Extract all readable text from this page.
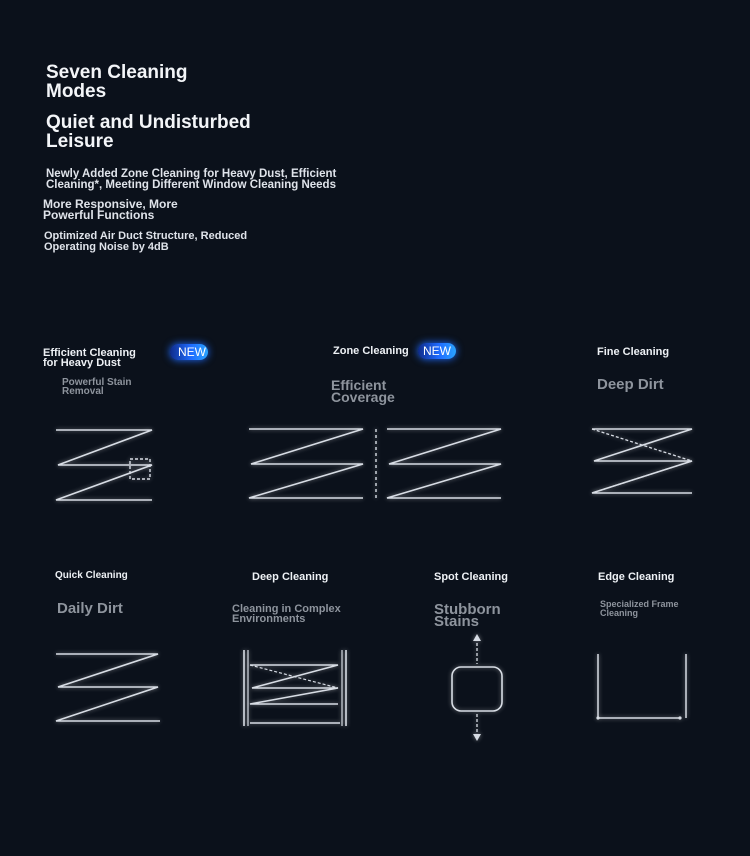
Seven Cleaning
Modes
Quiet and Undisturbed
Leisure
Newly Added Zone Cleaning for Heavy Dust, Efficient
Cleaning*, Meeting Different Window Cleaning Needs
More Responsive, More
Powerful Functions
Optimized Air Duct Structure, Reduced
Operating Noise by 4dB
Efficient Cleaning
for Heavy Dust
NEW
Powerful Stain
Removal
Zone Cleaning	NEW
Efficient
Coverage
Fine Cleaning
Deep Dirt
Quick Cleaning
Daily Dirt
Deep Cleaning
Cleaning in Complex
Environments
Spot Cleaning
Stubborn
Stains
Edge Cleaning
Specialized Frame
Cleaning
